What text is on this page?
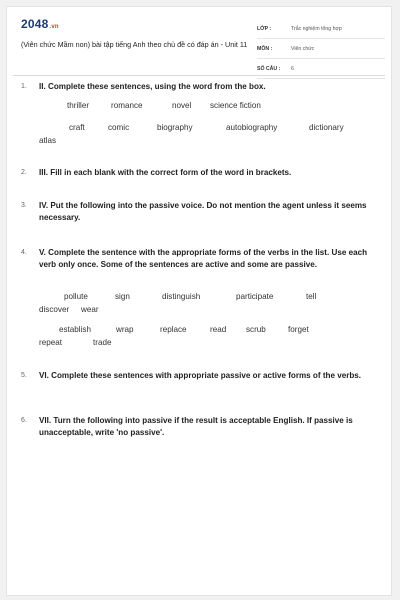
2048.vn
(Viên chức Mầm non) bài tập tiếng Anh theo chủ đề có đáp án - Unit 11
LỚP :	Trắc nghiệm tổng hợp
MÔN :	Viên chức
SỐ CÂU :	6
1. II. Complete these sentences, using the word from the box.
thriller	romance	novel science fiction
craft	comic	biography	autobiography	dictionary
atlas
2. III. Fill in each blank with the correct form of the word in brackets.
3. IV. Put the following into the passive voice. Do not mention the agent unless it seems necessary.
4. V. Complete the sentence with the appropriate forms of the verbs in the list. Use each verb only once. Some of the sentences are active and some are passive.
pollute	sign	distinguish	participate	tell
discover wear
establish	wrap	replace	read scrub	forget
repeat	trade
5. VI. Complete these sentences with appropriate passive or active forms of the verbs.
6. VII. Turn the following into passive if the result is acceptable English. If passive is unacceptable, write 'no passive'.
